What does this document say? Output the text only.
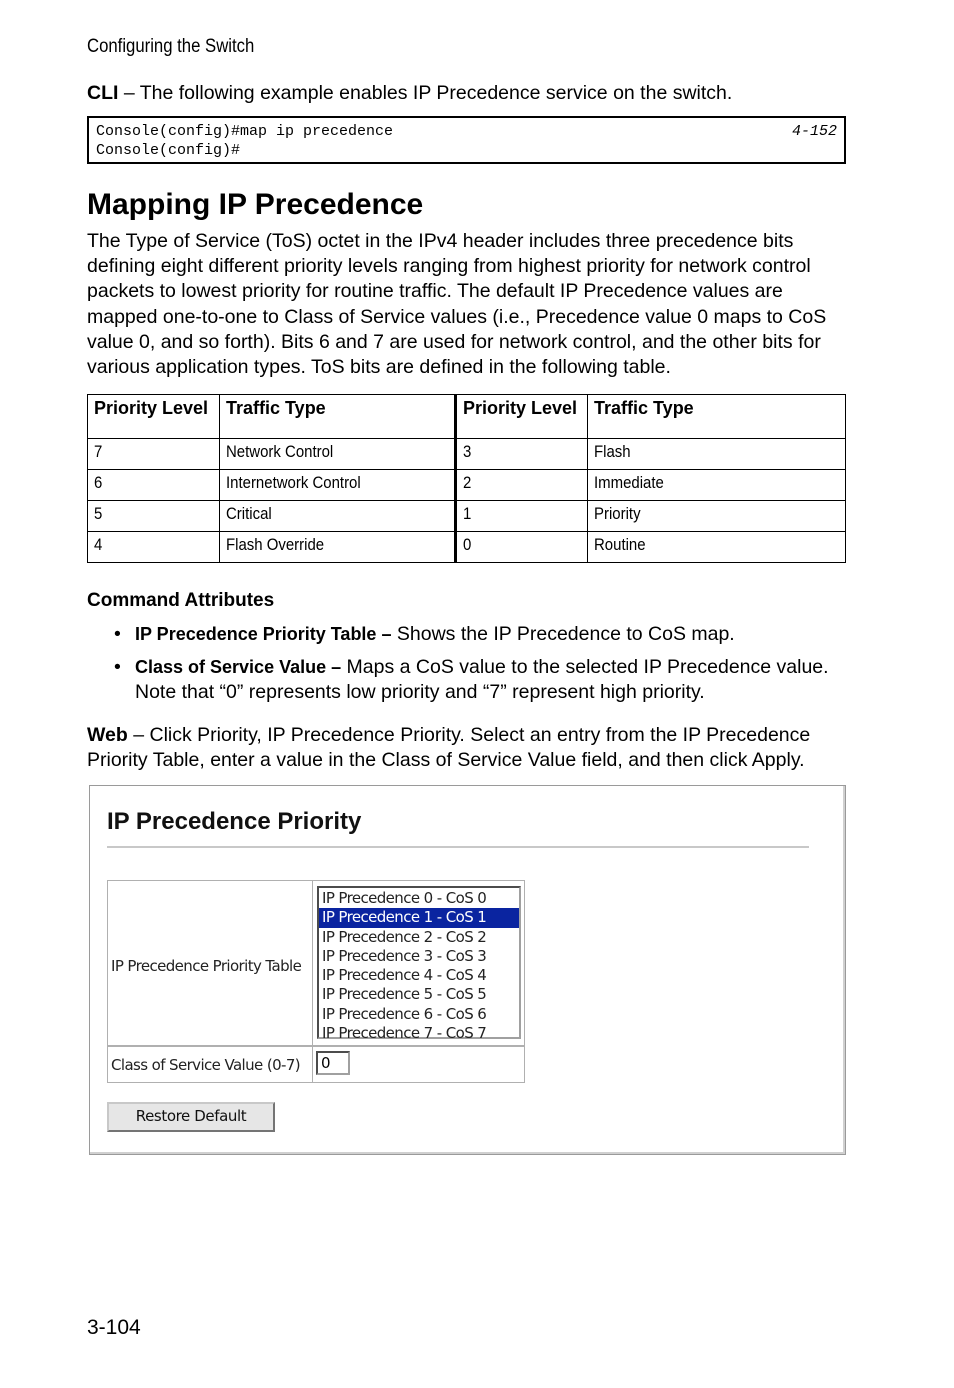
Configuring the Switch
CLI – The following example enables IP Precedence service on the switch.
Console(config)#map ip precedence	4-152
Console(config)#
Mapping IP Precedence
The Type of Service (ToS) octet in the IPv4 header includes three precedence bits defining eight different priority levels ranging from highest priority for network control packets to lowest priority for routine traffic. The default IP Precedence values are mapped one-to-one to Class of Service values (i.e., Precedence value 0 maps to CoS value 0, and so forth). Bits 6 and 7 are used for network control, and the other bits for various application types. ToS bits are defined in the following table.
Priority Level	Traffic Type	Priority Level	Traffic Type
7	Network Control	3	Flash
6	Internetwork Control	2	Immediate
5	Critical	1	Priority
4	Flash Override	0	Routine
Command Attributes
• IP Precedence Priority Table – Shows the IP Precedence to CoS map.
• Class of Service Value – Maps a CoS value to the selected IP Precedence value. Note that “0” represents low priority and “7” represent high priority.
Web – Click Priority, IP Precedence Priority. Select an entry from the IP Precedence Priority Table, enter a value in the Class of Service Value field, and then click Apply.
IP Precedence Priority
IP Precedence Priority Table
IP Precedence 0 - CoS 0
IP Precedence 1 - CoS 1
IP Precedence 2 - CoS 2
IP Precedence 3 - CoS 3
IP Precedence 4 - CoS 4
IP Precedence 5 - CoS 5
IP Precedence 6 - CoS 6
IP Precedence 7 - CoS 7
Class of Service Value (0-7)	0
Restore Default
3-104
